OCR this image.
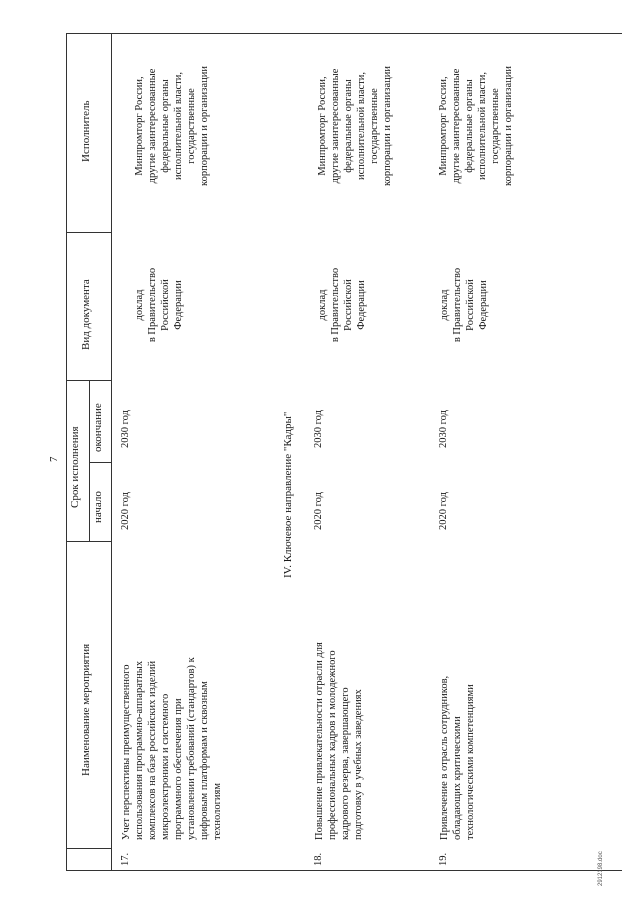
7
Наименование мероприятия
Срок исполнения начало
окончание
Вид документа
Исполнитель
17.
Учет перспективы преимущественного использования программно-аппаратных комплексов на базе российских изделий микроэлектроники и системного программного обеспечения при установлении требований (стандартов) к цифровым платформам и сквозным технологиям
2020 год
2030 год
доклад в Правительство Российской Федерации
Минпромторг России, другие заинтересованные федеральные органы исполнительной власти, государственные корпорации и организации
IV. Ключевое направление "Кадры"
18.
Повышение привлекательности отрасли для профессиональных кадров и молодежного кадрового резерва, завершающего подготовку в учебных заведениях
2020 год
2030 год
доклад в Правительство Российской Федерации
Минпромторг России, другие заинтересованные федеральные органы исполнительной власти, государственные корпорации и организации
19.
Привлечение в отрасль сотрудников, обладающих критическими технологическими компетенциями
2020 год
2030 год
доклад в Правительство Российской Федерации
Минпромторг России, другие заинтересованные федеральные органы исполнительной власти, государственные корпорации и организации
2912198.doc
